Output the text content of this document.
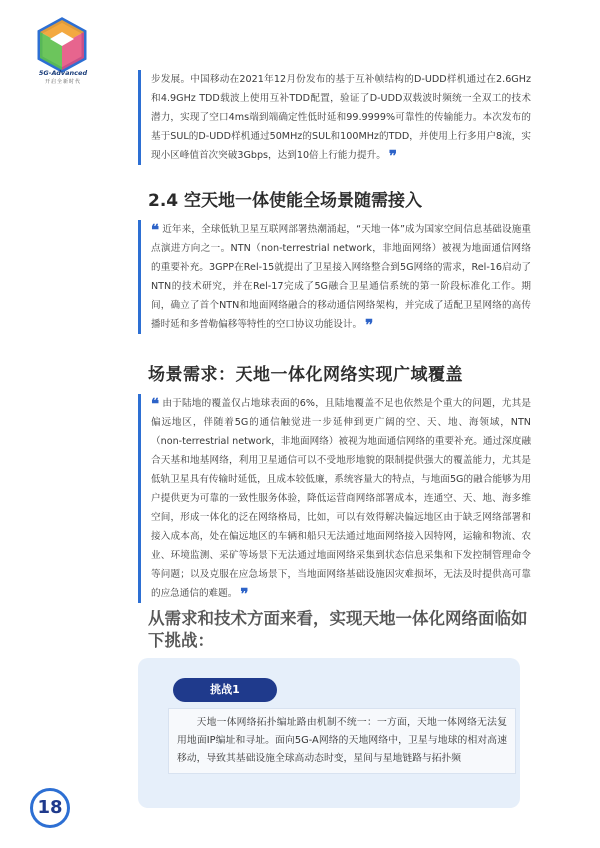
5G-Advanced
开启全新时代	步发展。中国移动在2021年12月份发布的基于互补帧结构的D-UDD样机通过在2.6GHz和4.9GHz TDD载波上使用互补TDD配置，验证了D-UDD双载波时频统一全双工的技术潜力，实现了空口4ms端到端确定性低时延和99.9999%可靠性的传输能力。本次发布的基于SUL的D-UDD样机通过50MHz的SUL和100MHz的TDD，并使用上行多用户8流，实现小区峰值首次突破3Gbps，达到10倍上行能力提升。 ❞

2.4 空天地一体使能全场景随需接入

❝ 近年来，全球低轨卫星互联网部署热潮涌起，“天地一体”成为国家空间信息基础设施重点演进方向之一。NTN（non-terrestrial network，非地面网络）被视为地面通信网络的重要补充。3GPP在Rel-15就提出了卫星接入网络整合到5G网络的需求，Rel-16启动了NTN的技术研究，并在Rel-17完成了5G融合卫星通信系统的第一阶段标准化工作。期间，确立了首个NTN和地面网络融合的移动通信网络架构，并完成了适配卫星网络的高传播时延和多普勒偏移等特性的空口协议功能设计。 ❞

场景需求：天地一体化网络实现广域覆盖

❝ 由于陆地的覆盖仅占地球表面的6%，且陆地覆盖不足也依然是个重大的问题，尤其是偏远地区，伴随着5G的通信触觉进一步延伸到更广阔的空、天、地、海领域，NTN（non-terrestrial network，非地面网络）被视为地面通信网络的重要补充。通过深度融合天基和地基网络，利用卫星通信可以不受地形地貌的限制提供强大的覆盖能力，尤其是低轨卫星具有传输时延低，且成本较低廉，系统容量大的特点，与地面5G的融合能够为用户提供更为可靠的一致性服务体验，降低运营商网络部署成本，连通空、天、地、海多维空间，形成一体化的泛在网络格局，比如，可以有效得解决偏远地区由于缺乏网络部署和接入成本高，处在偏远地区的车辆和船只无法通过地面网络接入因特网，运输和物流、农业、环境监测、采矿等场景下无法通过地面网络采集到状态信息采集和下发控制管理命令等问题；以及克服在应急场景下，当地面网络基础设施因灾难损坏，无法及时提供高可靠的应急通信的难题。 ❞

从需求和技术方面来看，实现天地一体化网络面临如下挑战：
挑战1
天地一体网络拓扑编址路由机制不统一：一方面，天地一体网络无法复用地面IP编址和寻址。面向5G-A网络的天地网络中，卫星与地球的相对高速移动，导致其基础设施全球高动态时变，星间与星地链路与拓扑频
18
